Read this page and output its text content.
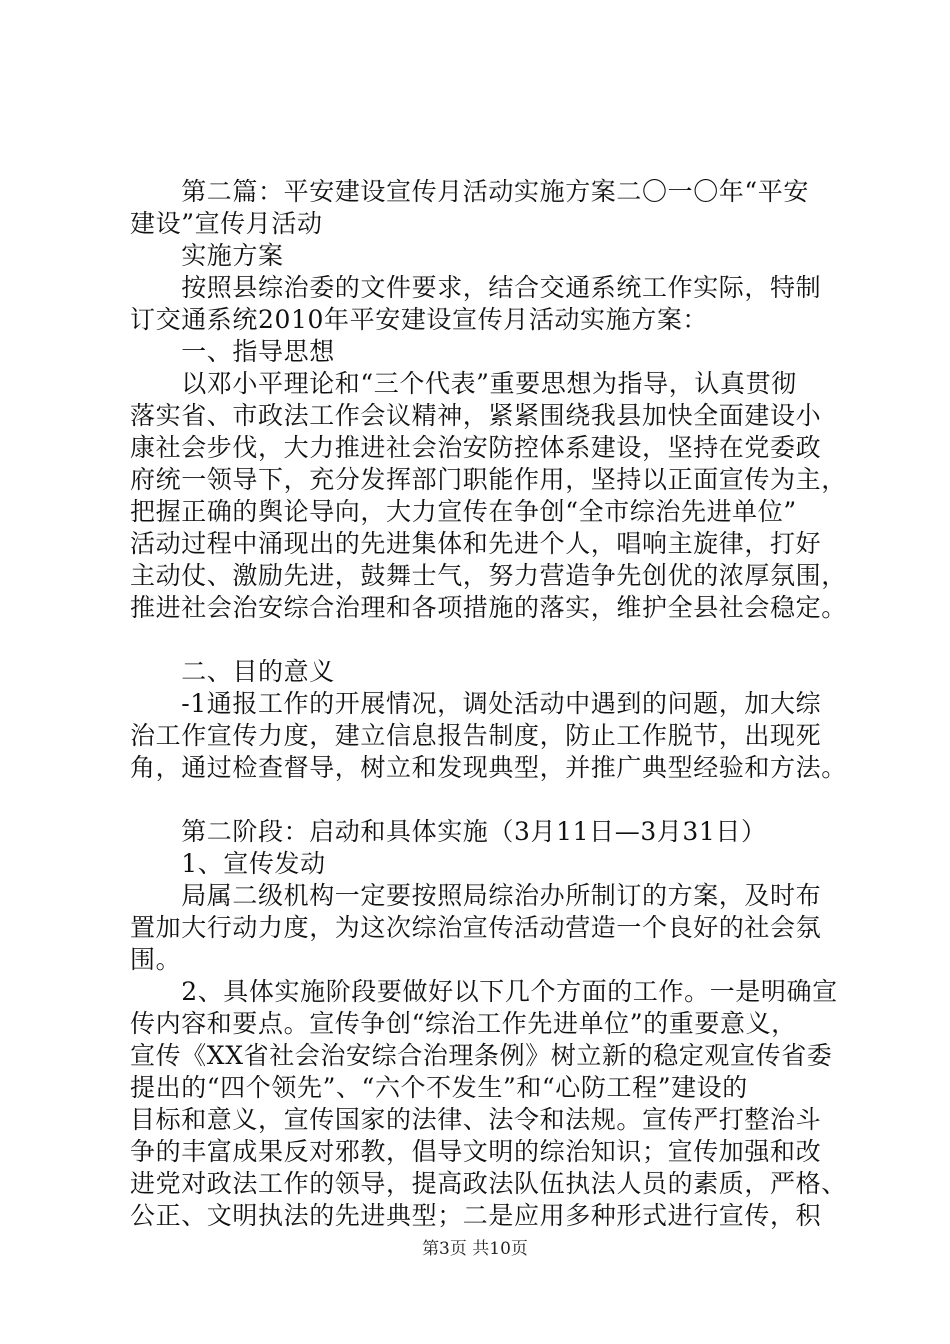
　　第二篇：平安建设宣传月活动实施方案二〇一〇年“平安
建设”宣传月活动
　　实施方案
　　按照县综治委的文件要求，结合交通系统工作实际，特制
订交通系统2010年平安建设宣传月活动实施方案：
　　一、指导思想
　　以邓小平理论和“三个代表”重要思想为指导，认真贯彻
落实省、市政法工作会议精神，紧紧围绕我县加快全面建设小
康社会步伐，大力推进社会治安防控体系建设，坚持在党委政
府统一领导下，充分发挥部门职能作用，坚持以正面宣传为主，
把握正确的舆论导向，大力宣传在争创“全市综治先进单位”
活动过程中涌现出的先进集体和先进个人，唱响主旋律，打好
主动仗、激励先进，鼓舞士气，努力营造争先创优的浓厚氛围，
推进社会治安综合治理和各项措施的落实，维护全县社会稳定。
　　二、目的意义
　　-1通报工作的开展情况，调处活动中遇到的问题，加大综
治工作宣传力度，建立信息报告制度，防止工作脱节，出现死
角，通过检查督导，树立和发现典型，并推广典型经验和方法。
　　第二阶段：启动和具体实施（3月11日—3月31日）
　　1、宣传发动
　　局属二级机构一定要按照局综治办所制订的方案，及时布
置加大行动力度，为这次综治宣传活动营造一个良好的社会氛
围。
　　2、具体实施阶段要做好以下几个方面的工作。一是明确宣
传内容和要点。宣传争创“综治工作先进单位”的重要意义，
宣传《XX省社会治安综合治理条例》树立新的稳定观宣传省委
提出的“四个领先”、“六个不发生”和“心防工程”建设的
目标和意义，宣传国家的法律、法令和法规。宣传严打整治斗
争的丰富成果反对邪教，倡导文明的综治知识；宣传加强和改
进党对政法工作的领导，提高政法队伍执法人员的素质，严格、
公正、文明执法的先进典型；二是应用多种形式进行宣传，积
第3页 共10页
